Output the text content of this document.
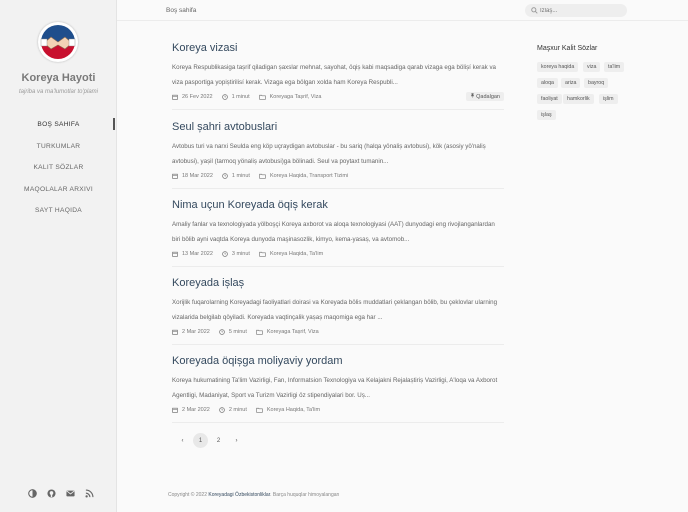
Koreya Hayoti
tajriba va ma'lumotlar to'plami
BOŞ SAHIFA
TURKUMLAR
KALIT SÖZLAR
MAQOLALAR ARXIVI
SAYT HAQIDA
Boş sahifa
Izlaş...
Koreya vizasi
Koreya Respublikasiga tașrif qiladigan șaxslar mehnat, sayohat, öqiș kabi maqsadiga qarab vizaga ega bölișí kerak va viza pasportiga yopiștirilisí kerak. Vizaga ega bölgan xolda ham Koreya Respubli...
26 Fev 2022	1 minut	Koreyaga Tașrif, Viza	Qadalgan
Seul șahri avtobuslari
Avtobus turi va narxi Seulda eng köp uçraydigan avtobuslar - bu sariq (halqa yönaliș avtobusi), kök (asosiy yö'naliș avtobusi), yașil (tarmoq yönaliș avtobusi)ga bölinadi. Seul va poytaxt tumanin...
18 Mar 2022	1 minut	Koreya Haqida, Transport Tizimi
Nima uçun Koreyada öqiș kerak
Amaliy fanlar va texnologiyada yölboşçi Koreya axborot va aloqa texnologiyasi (AAT) dunyodagi eng rivojlanganlardan biri bölib ayni vaqtda Koreya dunyoda maşinasozlik, kimyo, kema-yasaș, va avtomob...
13 Mar 2022	3 minut	Koreya Haqida, Ta'lim
Koreyada ișlaș
Xorijlik fuqarolarning Koreyadagi faoliyatlari doirasi va Koreyada bölis muddatlari çeklangan bölib, bu çeklovlar ularning vizalarida belgilab qöyiladi. Koreyada vaqtinçalik yașaș maqomiga ega har ...
2 Mar 2022	5 minut	Koreyaga Tașrif, Viza
Koreyada öqișga moliyaviy yordam
Koreya hukumatining Ta'lim Vazirligi, Fan, Informatsion Texnologiya va Kelajakni Rejalaștiriș Vazirligi, A'loqa va Axborot Agentligi, Madaniyat, Sport va Turizm Vazirligi öz stipendiyalari bor. Uș...
2 Mar 2022	2 minut	Koreya Haqida, Ta'lim
‹	1	2	›
Copyright © 2022 Koreyadagi Özbekistonliklar. Barça huquqlar himoyalangan
Maşxur Kalit Sözlar
koreya haqida	viza	ta'lim
aloqa	ariza	bayroq
faoliyat	hamkorlik	işlim
işlaş
